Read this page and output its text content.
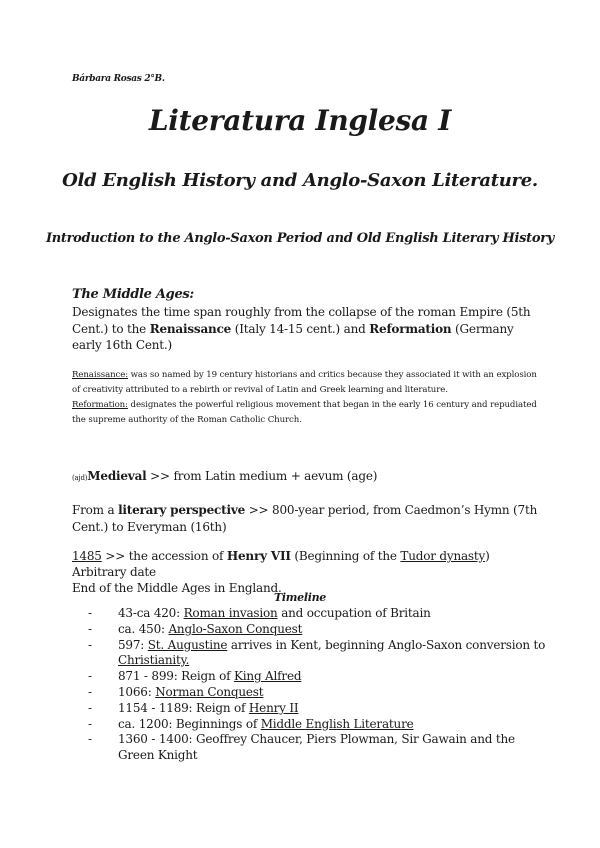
Bárbara Rosas 2°B.
Literatura Inglesa I
Old English History and Anglo-Saxon Literature.
Introduction to the Anglo-Saxon Period and Old English Literary History
The Middle Ages:
Designates the time span roughly from the collapse of the roman Empire (5th Cent.) to the Renaissance (Italy 14-15 cent.) and Reformation (Germany early 16th Cent.)
Renaissance: was so named by 19 century historians and critics because they associated it with an explosion of creativity attributed to a rebirth or revival of Latin and Greek learning and literature.
Reformation: designates the powerful religious movement that began in the early 16 century and repudiated the supreme authority of the Roman Catholic Church.
(ajd)Medieval >> from Latin medium + aevum (age)
From a literary perspective >> 800-year period, from Caedmon’s Hymn (7th Cent.) to Everyman (16th)
1485 >> the accession of Henry VII (Beginning of the Tudor dynasty)
Arbitrary date
End of the Middle Ages in England.
Timeline
- 43-ca 420: Roman invasion and occupation of Britain
- ca. 450: Anglo-Saxon Conquest
- 597: St. Augustine arrives in Kent, beginning Anglo-Saxon conversion to Christianity.
- 871 - 899: Reign of King Alfred
- 1066: Norman Conquest
- 1154 - 1189: Reign of Henry II
- ca. 1200: Beginnings of Middle English Literature
- 1360 - 1400: Geoffrey Chaucer, Piers Plowman, Sir Gawain and the Green Knight
